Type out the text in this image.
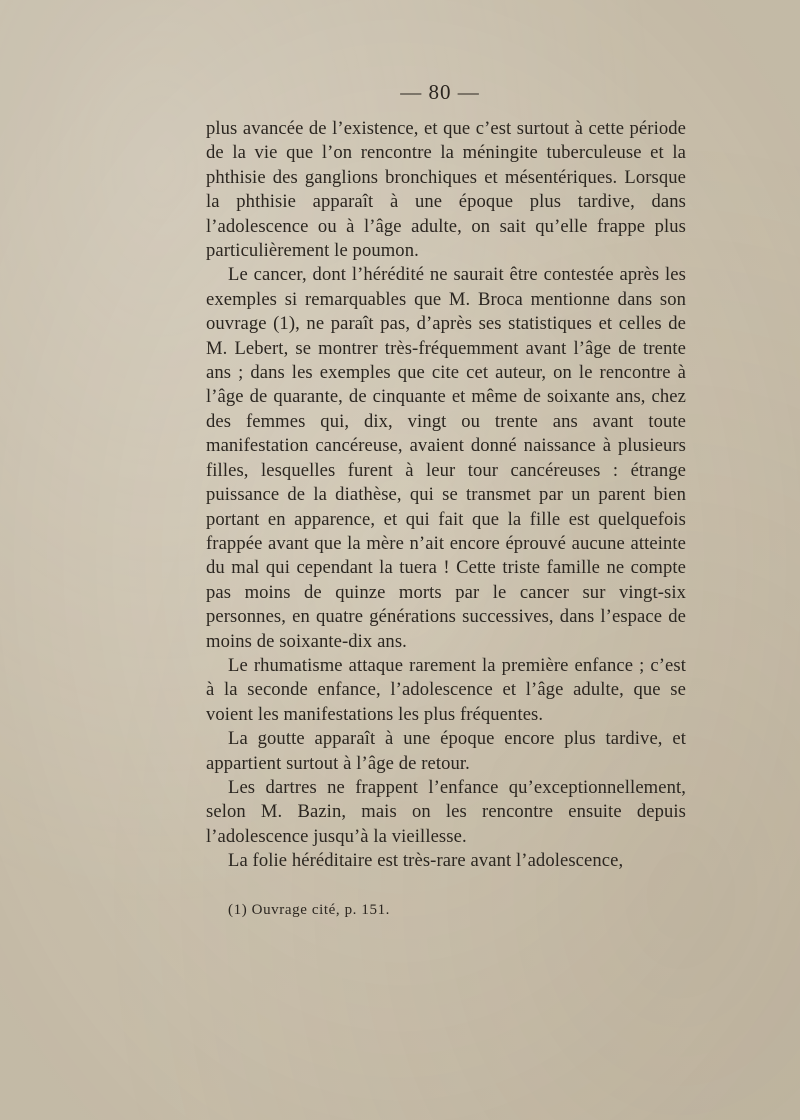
— 80 —

plus avancée de l’existence, et que c’est surtout à cette période de la vie que l’on rencontre la méningite tuberculeuse et la phthisie des ganglions bronchiques et mésentériques. Lorsque la phthisie apparaît à une époque plus tardive, dans l’adolescence ou à l’âge adulte, on sait qu’elle frappe plus particulièrement le poumon.

Le cancer, dont l’hérédité ne saurait être contestée après les exemples si remarquables que M. Broca mentionne dans son ouvrage (1), ne paraît pas, d’après ses statistiques et celles de M. Lebert, se montrer très-fréquemment avant l’âge de trente ans ; dans les exemples que cite cet auteur, on le rencontre à l’âge de quarante, de cinquante et même de soixante ans, chez des femmes qui, dix, vingt ou trente ans avant toute manifestation cancéreuse, avaient donné naissance à plusieurs filles, lesquelles furent à leur tour cancéreuses : étrange puissance de la diathèse, qui se transmet par un parent bien portant en apparence, et qui fait que la fille est quelquefois frappée avant que la mère n’ait encore éprouvé aucune atteinte du mal qui cependant la tuera ! Cette triste famille ne compte pas moins de quinze morts par le cancer sur vingt-six personnes, en quatre générations successives, dans l’espace de moins de soixante-dix ans.

Le rhumatisme attaque rarement la première enfance ; c’est à la seconde enfance, l’adolescence et l’âge adulte, que se voient les manifestations les plus fréquentes.

La goutte apparaît à une époque encore plus tardive, et appartient surtout à l’âge de retour.

Les dartres ne frappent l’enfance qu’exceptionnellement, selon M. Bazin, mais on les rencontre ensuite depuis l’adolescence jusqu’à la vieillesse.

La folie héréditaire est très-rare avant l’adolescence,

(1) Ouvrage cité, p. 151.
